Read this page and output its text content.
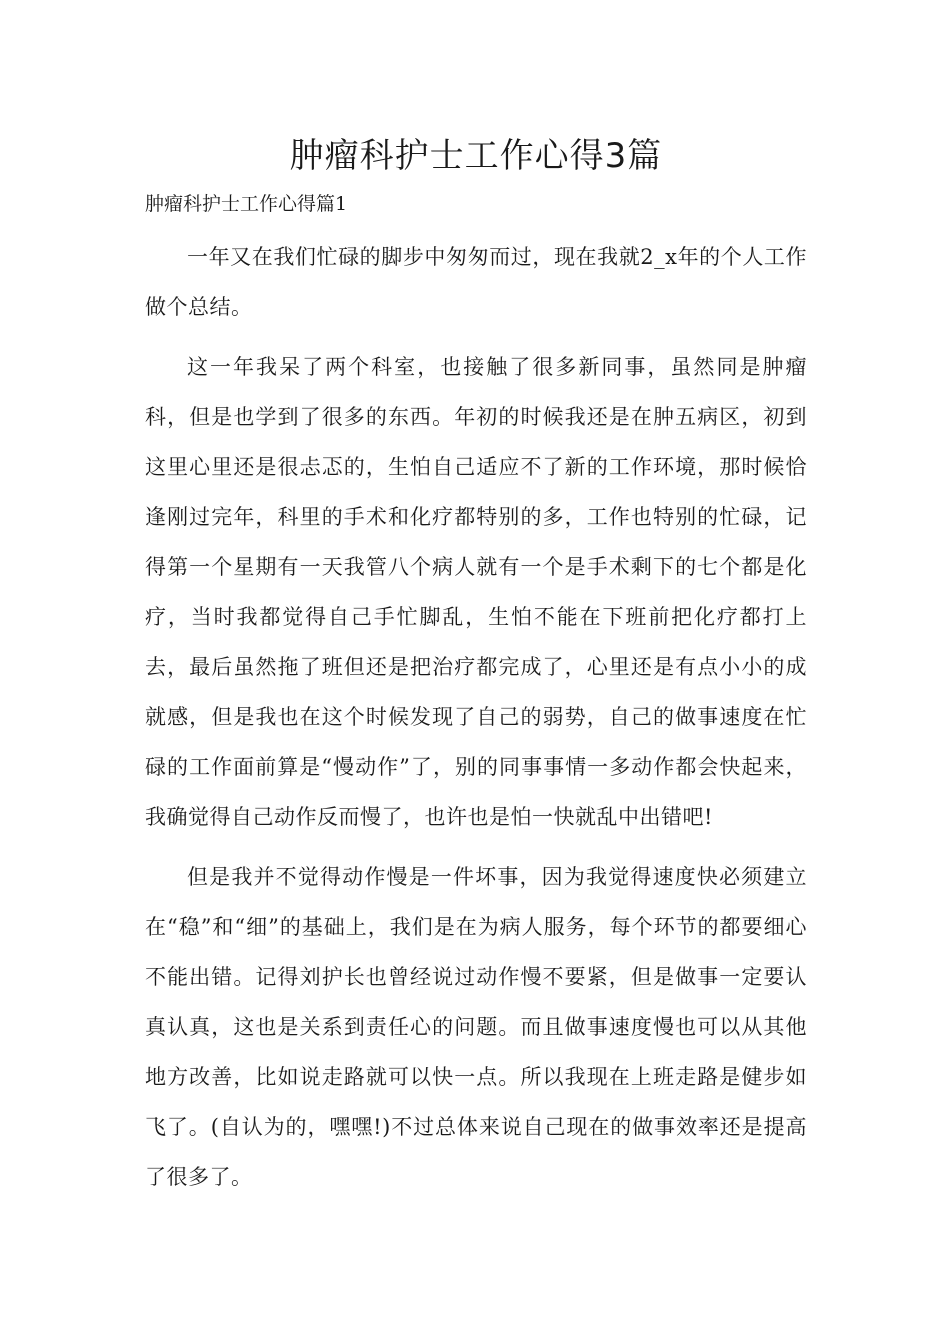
肿瘤科护士工作心得3篇
肿瘤科护士工作心得篇1

一年又在我们忙碌的脚步中匆匆而过，现在我就2_x年的个人工作做个总结。

这一年我呆了两个科室，也接触了很多新同事，虽然同是肿瘤科，但是也学到了很多的东西。年初的时候我还是在肿五病区，初到这里心里还是很忐忑的，生怕自己适应不了新的工作环境，那时候恰逢刚过完年，科里的手术和化疗都特别的多，工作也特别的忙碌，记得第一个星期有一天我管八个病人就有一个是手术剩下的七个都是化疗，当时我都觉得自己手忙脚乱，生怕不能在下班前把化疗都打上去，最后虽然拖了班但还是把治疗都完成了，心里还是有点小小的成就感，但是我也在这个时候发现了自己的弱势，自己的做事速度在忙碌的工作面前算是“慢动作”了，别的同事事情一多动作都会快起来，我确觉得自己动作反而慢了，也许也是怕一快就乱中出错吧!

但是我并不觉得动作慢是一件坏事，因为我觉得速度快必须建立在“稳”和“细”的基础上，我们是在为病人服务，每个环节的都要细心不能出错。记得刘护长也曾经说过动作慢不要紧，但是做事一定要认真认真，这也是关系到责任心的问题。而且做事速度慢也可以从其他地方改善，比如说走路就可以快一点。所以我现在上班走路是健步如飞了。(自认为的，嘿嘿!)不过总体来说自己现在的做事效率还是提高了很多了。
